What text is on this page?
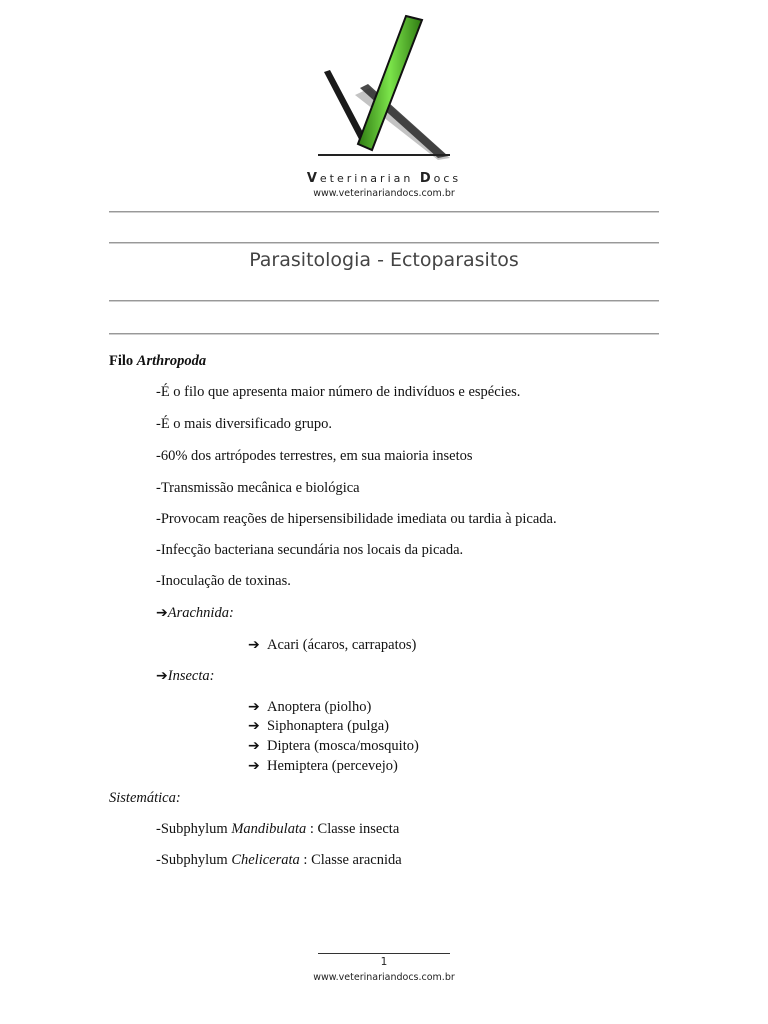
Veterinarian Docs
www.veterinariandocs.com.br
Parasitologia - Ectoparasitos
Filo Arthropoda
-É o filo que apresenta maior número de indivíduos e espécies.
-É o mais diversificado grupo.
-60% dos artrópodes terrestres, em sua maioria insetos
-Transmissão mecânica e biológica
-Provocam reações de hipersensibilidade imediata ou tardia à picada.
-Infecção bacteriana secundária nos locais da picada.
-Inoculação de toxinas.
➔Arachnida:
➔ Acari (ácaros, carrapatos)
➔Insecta:
➔ Anoptera (piolho)
➔ Siphonaptera (pulga)
➔ Diptera (mosca/mosquito)
➔ Hemiptera (percevejo)
Sistemática:
-Subphylum Mandibulata : Classe insecta
-Subphylum Chelicerata : Classe aracnida
1
www.veterinariandocs.com.br
